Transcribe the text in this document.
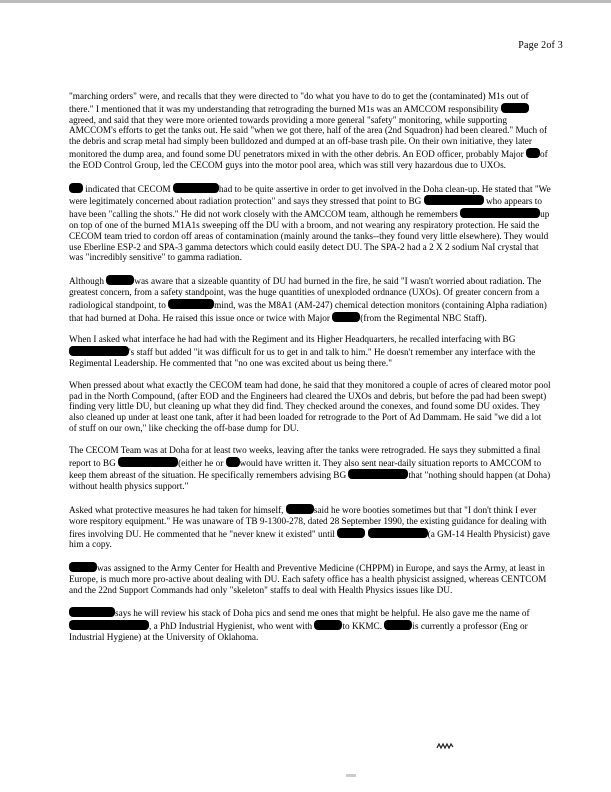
Page 2of 3

"marching orders" were, and recalls that they were directed to "do what you have to do to get the (contaminated) M1s out of there." I mentioned that it was my understanding that retrograding the burned M1s was an AMCCOM responsibility agreed, and said that they were more oriented towards providing a more general "safety" monitoring, while supporting AMCCOM's efforts to get the tanks out. He said "when we got there, half of the area (2nd Squadron) had been cleared." Much of the debris and scrap metal had simply been bulldozed and dumped at an off-base trash pile. On their own initiative, they later monitored the dump area, and found some DU penetrators mixed in with the other debris. An EOD officer, probably Major of the EOD Control Group, led the CECOM guys into the motor pool area, which was still very hazardous due to UXOs.

indicated that CECOM	had to be quite assertive in order to get involved in the Doha clean-up. He stated that "We were legitimately concerned about radiation protection" and says they stressed that point to BG	who appears to have been "calling the shots." He did not work closely with the AMCCOM team, although he remembers	up on top of one of the burned M1A1s sweeping off the DU with a broom, and not wearing any respiratory protection. He said the CECOM team tried to cordon off areas of contamination (mainly around the tanks--they found very little elsewhere). They would use Eberline ESP-2 and SPA-3 gamma detectors which could easily detect DU. The SPA-2 had a 2 X 2 sodium NaI crystal that was "incredibly sensitive" to gamma radiation.

Although	was aware that a sizeable quantity of DU had burned in the fire, he said "I wasn't worried about radiation. The greatest concern, from a safety standpoint, was the huge quantities of unexploded ordnance (UXOs). Of greater concern from a radiological standpoint, to	mind, was the M8A1 (AM-247) chemical detection monitors (containing Alpha radiation) that had burned at Doha. He raised this issue once or twice with Major	(from the Regimental NBC Staff).

When I asked what interface he had had with the Regiment and its Higher Headquarters, he recalled interfacing with BG 's staff but added "it was difficult for us to get in and talk to him." He doesn't remember any interface with the Regimental Leadership. He commented that "no one was excited about us being there."

When pressed about what exactly the CECOM team had done, he said that they monitored a couple of acres of cleared motor pool pad in the North Compound, (after EOD and the Engineers had cleared the UXOs and debris, but before the pad had been swept) finding very little DU, but cleaning up what they did find. They checked around the conexes, and found some DU oxides. They also cleaned up under at least one tank, after it had been loaded for retrograde to the Port of Ad Dammam. He said "we did a lot of stuff on our own," like checking the off-base dump for DU.

The CECOM Team was at Doha for at least two weeks, leaving after the tanks were retrograded. He says they submitted a final report to BG	(either he or would have written it. They also sent near-daily situation reports to AMCCOM to keep them abreast of the situation. He specifically remembers advising BG	that "nothing should happen (at Doha) without health physics support."

Asked what protective measures he had taken for himself,	said he wore booties sometimes but that "I don't think I ever wore respitory equipment." He was unaware of TB 9-1300-278, dated 28 September 1990, the existing guidance for dealing with fires involving DU. He commented that he "never knew it existed" until	(a GM-14 Health Physicist) gave him a copy.

was assigned to the Army Center for Health and Preventive Medicine (CHPPM) in Europe, and says the Army, at least in Europe, is much more pro-active about dealing with DU. Each safety office has a health physicist assigned, whereas CENTCOM and the 22nd Support Commands had only "skeleton" staffs to deal with Health Physics issues like DU.

says he will review his stack of Doha pics and send me ones that might be helpful. He also gave me the name of , a PhD Industrial Hygienist, who went with	to KKMC.	is currently a professor (Eng or Industrial Hygiene) at the University of Oklahoma.
